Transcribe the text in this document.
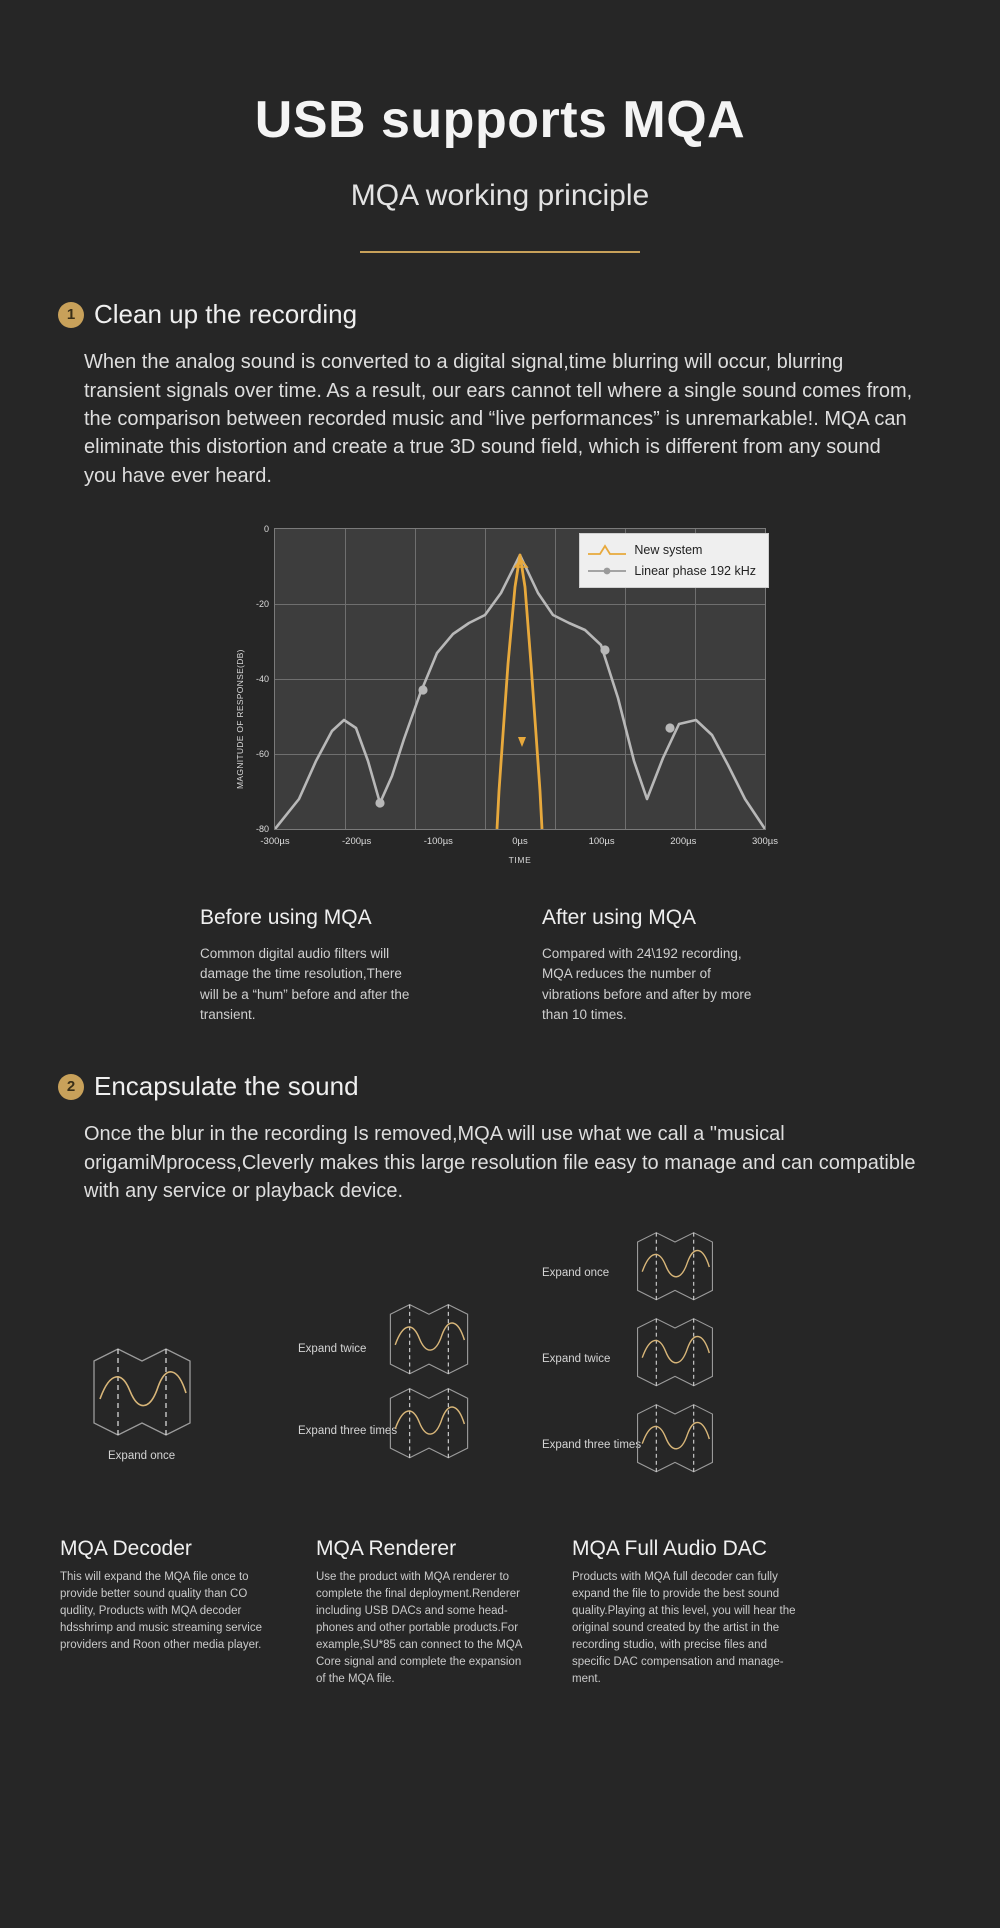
USB supports MQA
MQA working principle
1 Clean up the recording
When the analog sound is converted to a digital signal,time blurring will occur, blurring transient signals over time. As a result, our ears cannot tell where a single sound comes from, the comparison between recorded music and “live performances” is unremarkable!. MQA can eliminate this distortion and create a true 3D sound field, which is different from any sound you have ever heard.
MAGNITUDE OF RESPONSE(DB)
0
-20
-40
-60
-80
-300µs	-200µs	-100µs	0µs	100µs	200µs	300µs
TIME
New system
Linear phase 192 kHz
Before using MQA
Common digital audio filters will damage the time resolution,There will be a “hum” before and after the transient.
After using MQA
Compared with 24\192 recording, MQA reduces the number of vibrations before and after by more than 10 times.
2 Encapsulate the sound
Once the blur in the recording Is removed,MQA will use what we call a "musical origamiMprocess,Cleverly makes this large resolution file easy to manage and can compatible with any service or playback device.
Expand once
Expand twice
Expand three times
Expand once
Expand twice
Expand three times
MQA Decoder
This will expand the MQA file once to provide better sound quality than CO qudlity, Products with MQA decoder hdsshrimp and music streaming service providers and Roon other media player.
MQA Renderer
Use the product with MQA renderer to complete the final deployment.Renderer including USB DACs and some head-phones and other portable products.For example,SU*85 can connect to the MQA Core signal and complete the expansion of the MQA file.
MQA Full Audio DAC
Products with MQA full decoder can fully expand the file to provide the best sound quality.Playing at this level, you will hear the original sound created by the artist in the recording studio, with precise files and specific DAC compensation and manage-ment.
